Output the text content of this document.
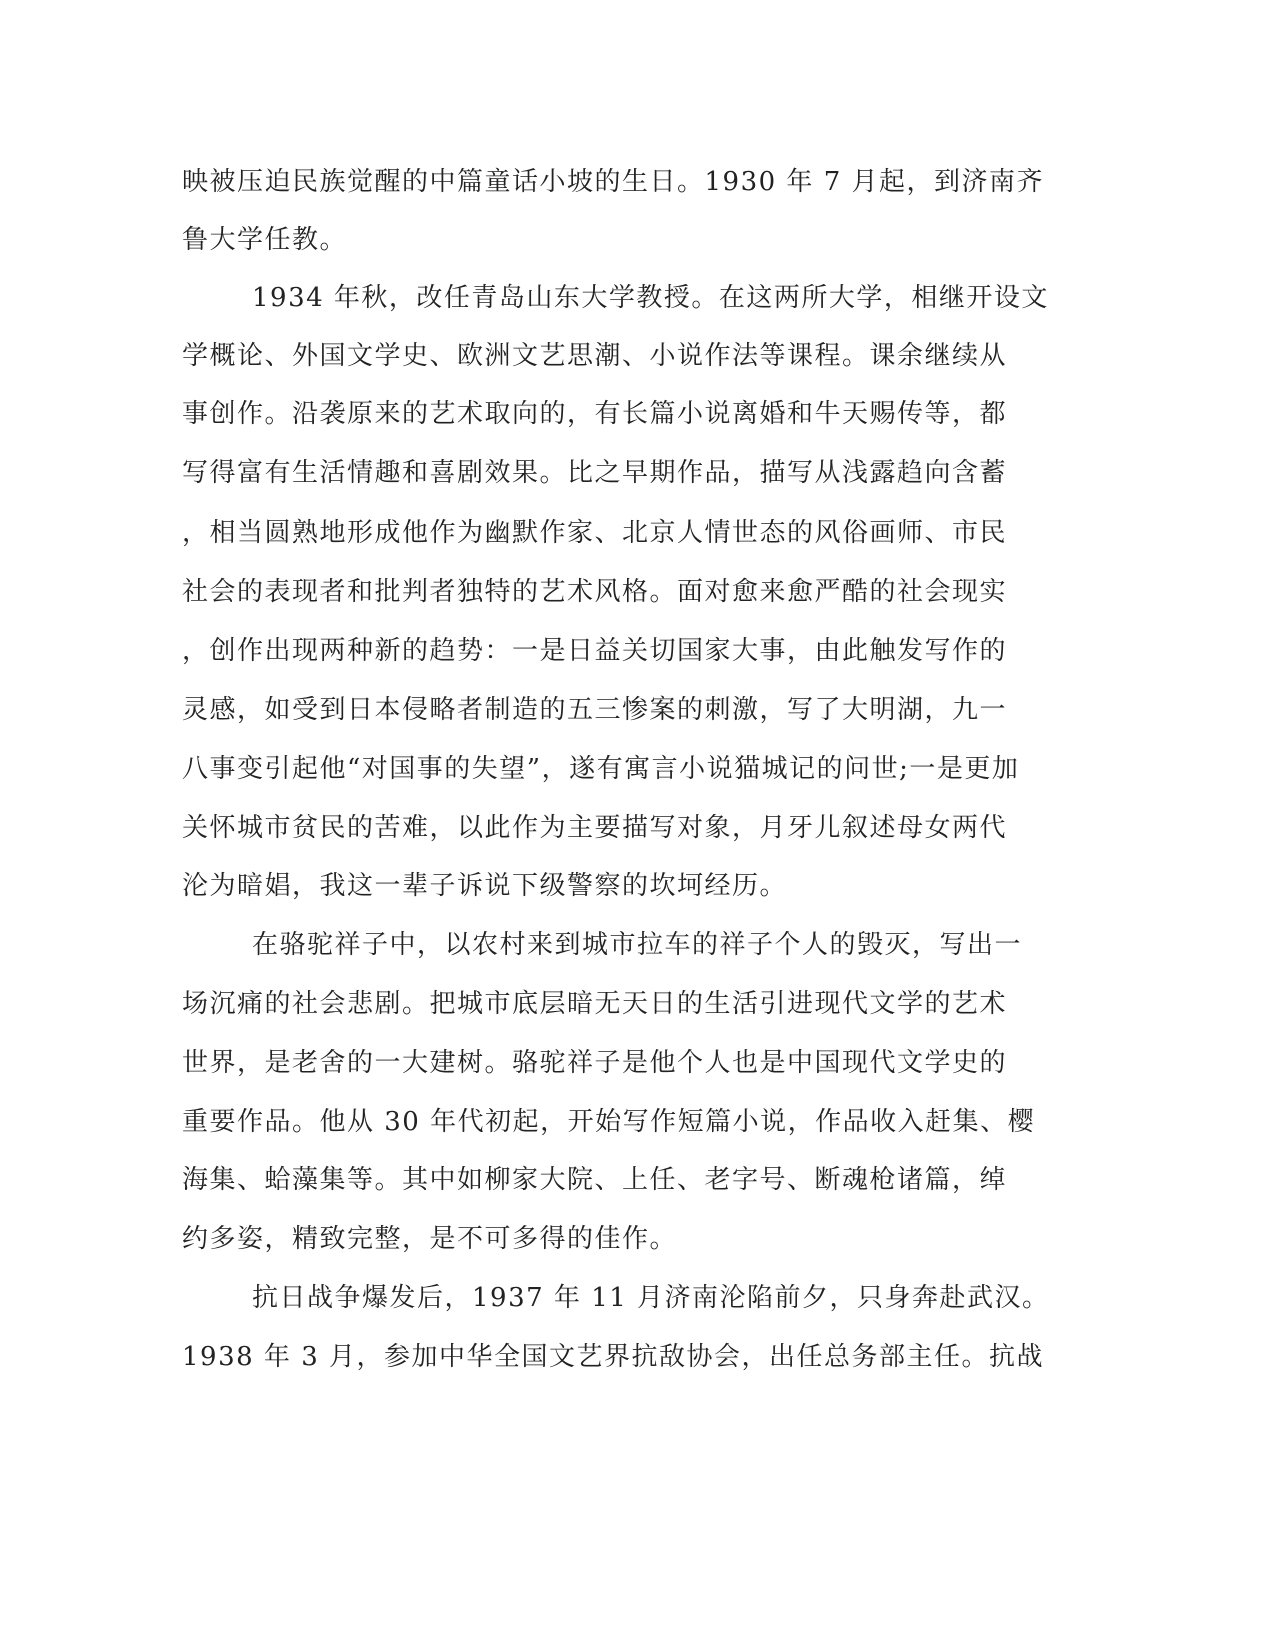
映被压迫民族觉醒的中篇童话小坡的生日。1930 年 7 月起，到济南齐
鲁大学任教。
1934 年秋，改任青岛山东大学教授。在这两所大学，相继开设文
学概论、外国文学史、欧洲文艺思潮、小说作法等课程。课余继续从
事创作。沿袭原来的艺术取向的，有长篇小说离婚和牛天赐传等，都
写得富有生活情趣和喜剧效果。比之早期作品，描写从浅露趋向含蓄
，相当圆熟地形成他作为幽默作家、北京人情世态的风俗画师、市民
社会的表现者和批判者独特的艺术风格。面对愈来愈严酷的社会现实
，创作出现两种新的趋势：一是日益关切国家大事，由此触发写作的
灵感，如受到日本侵略者制造的五三惨案的刺激，写了大明湖，九一
八事变引起他“对国事的失望”，遂有寓言小说猫城记的问世;一是更加
关怀城市贫民的苦难，以此作为主要描写对象，月牙儿叙述母女两代
沦为暗娼，我这一辈子诉说下级警察的坎坷经历。
在骆驼祥子中，以农村来到城市拉车的祥子个人的毁灭，写出一
场沉痛的社会悲剧。把城市底层暗无天日的生活引进现代文学的艺术
世界，是老舍的一大建树。骆驼祥子是他个人也是中国现代文学史的
重要作品。他从 30 年代初起，开始写作短篇小说，作品收入赶集、樱
海集、蛤藻集等。其中如柳家大院、上任、老字号、断魂枪诸篇，绰
约多姿，精致完整，是不可多得的佳作。
抗日战争爆发后，1937 年 11 月济南沦陷前夕，只身奔赴武汉。
1938 年 3 月，参加中华全国文艺界抗敌协会，出任总务部主任。抗战
